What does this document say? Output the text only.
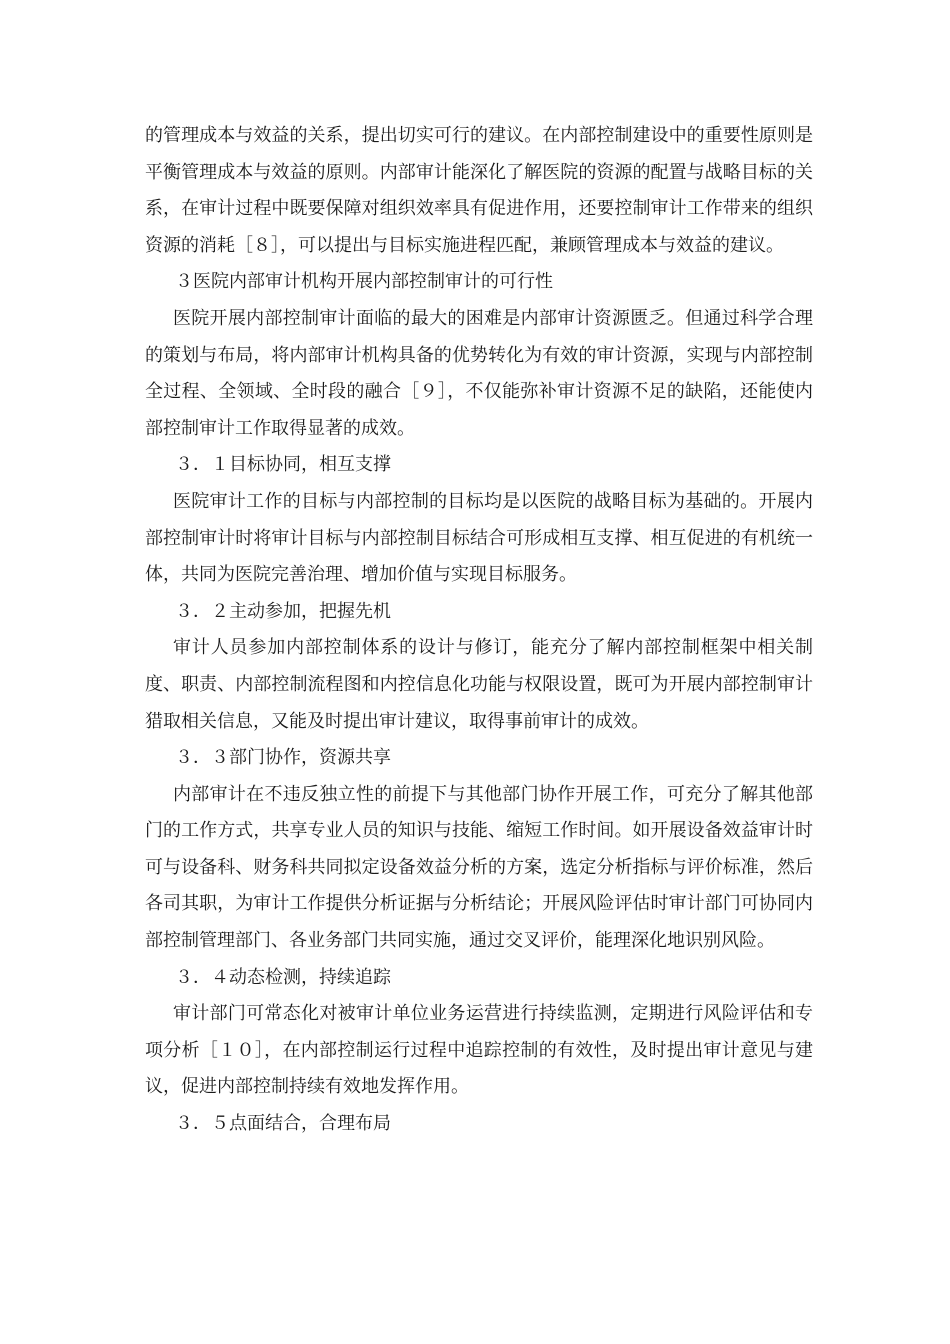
的管理成本与效益的关系，提出切实可行的建议。在内部控制建设中的重要性原则是平衡管理成本与效益的原则。内部审计能深化了解医院的资源的配置与战略目标的关系，在审计过程中既要保障对组织效率具有促进作用，还要控制审计工作带来的组织资源的消耗［８］，可以提出与目标实施进程匹配，兼顾管理成本与效益的建议。

３医院内部审计机构开展内部控制审计的可行性

医院开展内部控制审计面临的最大的困难是内部审计资源匮乏。但通过科学合理的策划与布局，将内部审计机构具备的优势转化为有效的审计资源，实现与内部控制全过程、全领域、全时段的融合［９］，不仅能弥补审计资源不足的缺陷，还能使内部控制审计工作取得显著的成效。

３．１目标协同，相互支撑

医院审计工作的目标与内部控制的目标均是以医院的战略目标为基础的。开展内部控制审计时将审计目标与内部控制目标结合可形成相互支撑、相互促进的有机统一体，共同为医院完善治理、增加价值与实现目标服务。

３．２主动参加，把握先机

审计人员参加内部控制体系的设计与修订，能充分了解内部控制框架中相关制度、职责、内部控制流程图和内控信息化功能与权限设置，既可为开展内部控制审计猎取相关信息，又能及时提出审计建议，取得事前审计的成效。

３．３部门协作，资源共享

内部审计在不违反独立性的前提下与其他部门协作开展工作，可充分了解其他部门的工作方式，共享专业人员的知识与技能、缩短工作时间。如开展设备效益审计时可与设备科、财务科共同拟定设备效益分析的方案，选定分析指标与评价标准，然后各司其职，为审计工作提供分析证据与分析结论；开展风险评估时审计部门可协同内部控制管理部门、各业务部门共同实施，通过交叉评价，能理深化地识别风险。

３．４动态检测，持续追踪

审计部门可常态化对被审计单位业务运营进行持续监测，定期进行风险评估和专项分析［１０］，在内部控制运行过程中追踪控制的有效性，及时提出审计意见与建议，促进内部控制持续有效地发挥作用。

３．５点面结合，合理布局
